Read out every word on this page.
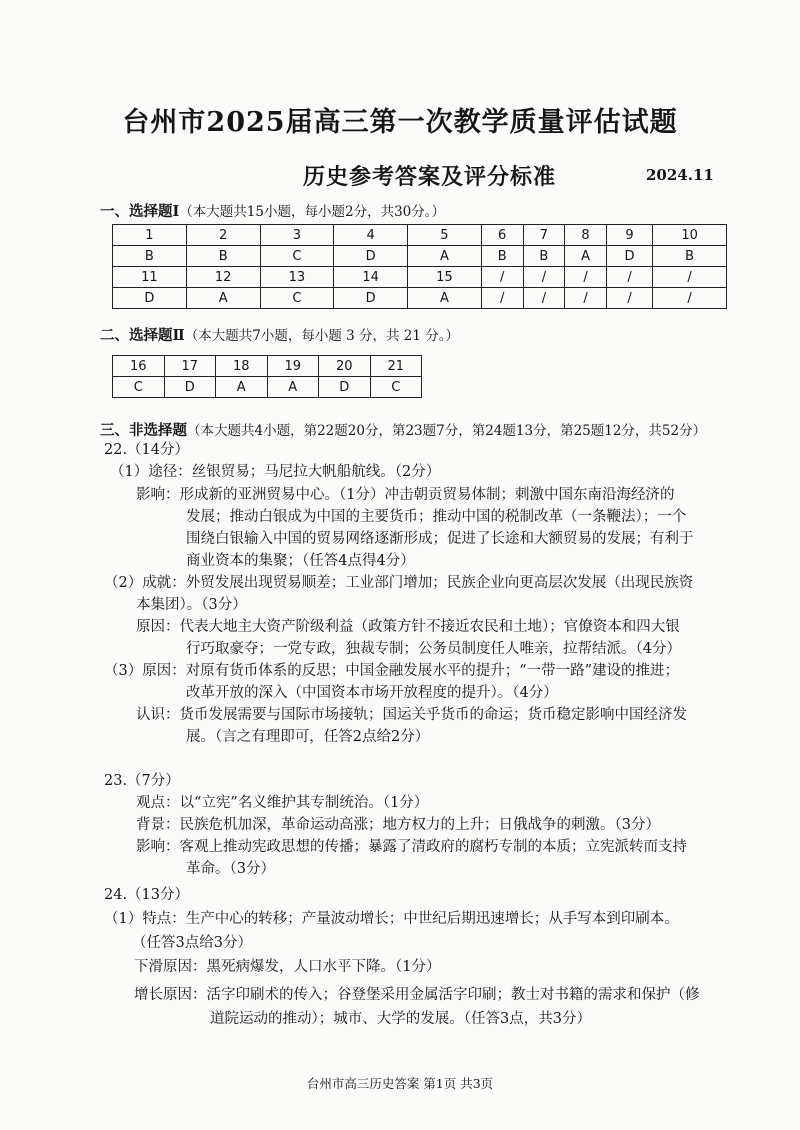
台州市2025届高三第一次教学质量评估试题
历史参考答案及评分标准	2024.11
一、选择题Ⅰ（本大题共15小题，每小题2分，共30分。）
1	2	3	4	5	6	7	8	9	10
B	B	C	D	A	B	B	A	D	B
11	12	13	14	15	/	/	/	/	/
D	A	C	D	A	/	/	/	/	/
二、选择题Ⅱ（本大题共7小题，每小题 3 分，共 21 分。）
16	17	18	19	20	21
C	D	A	A	D	C
三、非选择题（本大题共4小题，第22题20分，第23题7分，第24题13分，第25题12分，共52分）
22.（14分）
（1）途径：丝银贸易；马尼拉大帆船航线。（2分）
影响：形成新的亚洲贸易中心。（1分）冲击朝贡贸易体制；刺激中国东南沿海经济的
发展；推动白银成为中国的主要货币；推动中国的税制改革（一条鞭法）；一个
围绕白银输入中国的贸易网络逐渐形成；促进了长途和大额贸易的发展；有利于
商业资本的集聚；（任答4点得4分）
（2）成就：外贸发展出现贸易顺差；工业部门增加；民族企业向更高层次发展（出现民族资
本集团）。（3分）
原因：代表大地主大资产阶级利益（政策方针不接近农民和土地）；官僚资本和四大银
行巧取豪夺；一党专政，独裁专制；公务员制度任人唯亲，拉帮结派。（4分）
（3）原因：对原有货币体系的反思；中国金融发展水平的提升；“一带一路”建设的推进；
改革开放的深入（中国资本市场开放程度的提升）。（4分）
认识：货币发展需要与国际市场接轨；国运关乎货币的命运；货币稳定影响中国经济发
展。（言之有理即可，任答2点给2分）
23.（7分）
观点：以“立宪”名义维护其专制统治。（1分）
背景：民族危机加深，革命运动高涨；地方权力的上升；日俄战争的刺激。（3分）
影响：客观上推动宪政思想的传播；暴露了清政府的腐朽专制的本质；立宪派转而支持
革命。（3分）
24.（13分）
（1）特点：生产中心的转移；产量波动增长；中世纪后期迅速增长；从手写本到印刷本。
（任答3点给3分）
下滑原因：黑死病爆发，人口水平下降。（1分）
增长原因：活字印刷术的传入；谷登堡采用金属活字印刷；教士对书籍的需求和保护（修
道院运动的推动）；城市、大学的发展。（任答3点，共3分）
台州市高三历史答案 第1页 共3页
